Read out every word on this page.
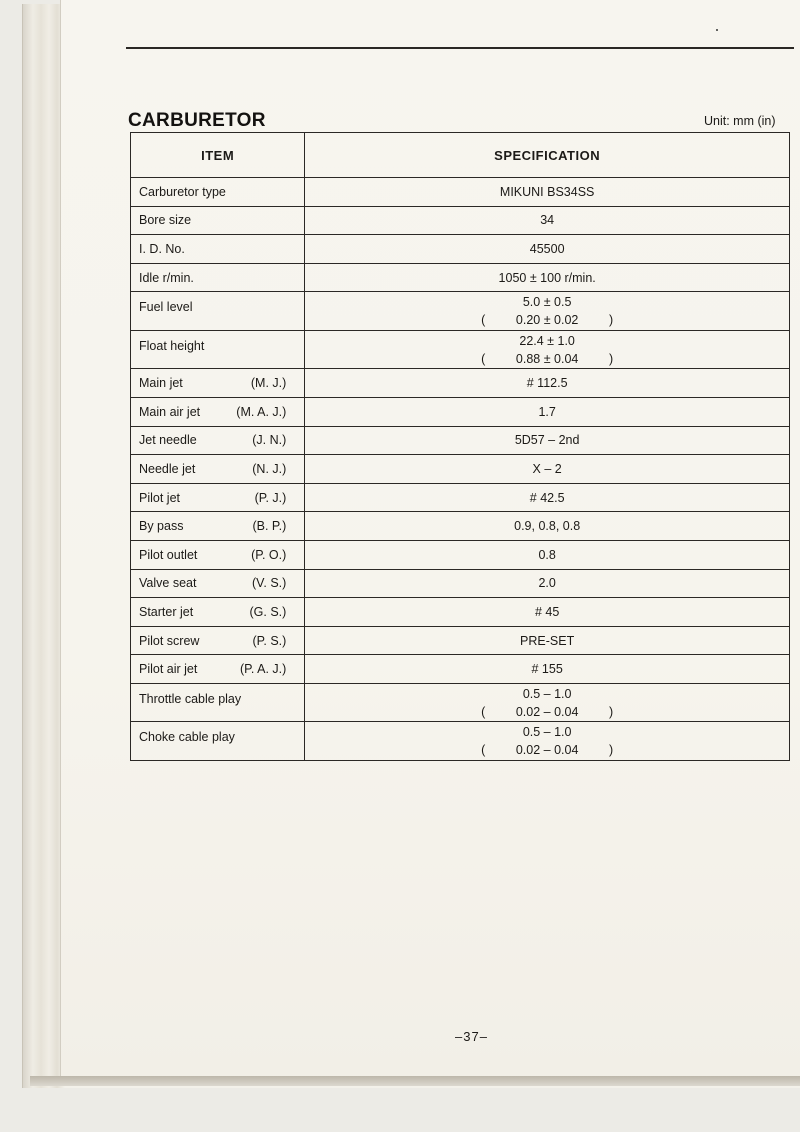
CARBURETOR	Unit: mm (in)
ITEM	SPECIFICATION
Carburetor type	MIKUNI BS34SS
Bore size	34
I. D. No.	45500
Idle r/min.	1050 ± 100 r/min.
Fuel level	5.0 ± 0.5
( 0.20 ± 0.02 )

Float height	22.4 ± 1.0
( 0.88 ± 0.04 )

Main jet (M. J.)	# 112.5
Main air jet (M. A. J.)	1.7
Jet needle (J. N.)	5D57 – 2nd
Needle jet (N. J.)	X – 2
Pilot jet (P. J.)	# 42.5
By pass (B. P.)	0.9, 0.8, 0.8
Pilot outlet (P. O.)	0.8
Valve seat (V. S.)	2.0
Starter jet (G. S.)	# 45
Pilot screw (P. S.)	PRE-SET
Pilot air jet (P. A. J.)	# 155
Throttle cable play	0.5 – 1.0
( 0.02 – 0.04 )

Choke cable play	0.5 – 1.0
( 0.02 – 0.04 )
–37–
